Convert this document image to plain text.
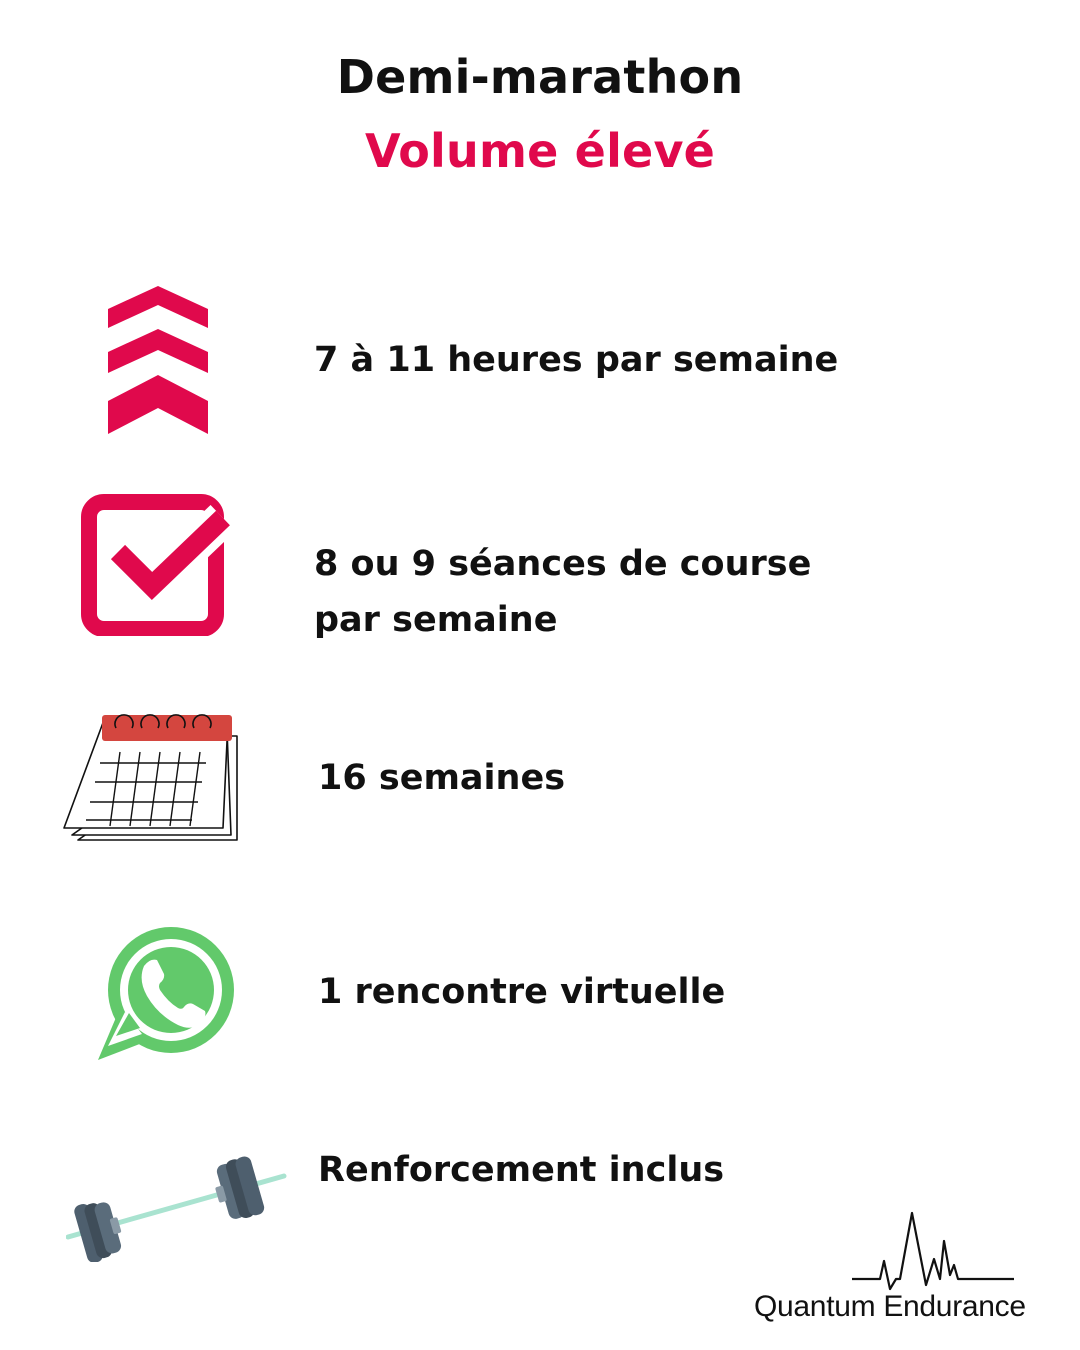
Demi-marathon
Volume élevé
7 à 11 heures par semaine
8 ou 9 séances de course
par semaine
16 semaines
1 rencontre virtuelle
Renforcement inclus
Quantum Endurance
